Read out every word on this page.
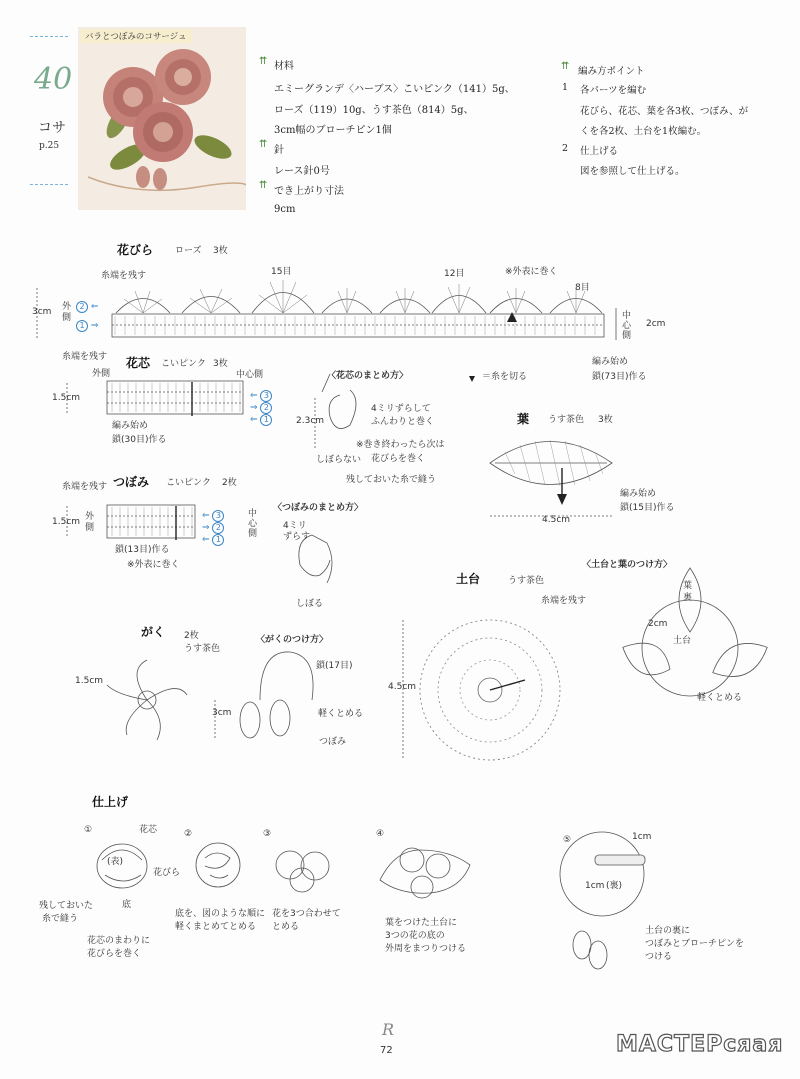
40
コサ
p.25
バラとつぼみのコサージュ
⇈ 材料
エミーグランデ〈ハーブス〉こいピンク（141）5g、
ローズ（119）10g、うす茶色（814）5g、
3cm幅のブローチピン1個
⇈
針
レース針0号
⇈
でき上がり寸法
9cm
⇈ 編み方ポイント
1 各パーツを編む
花びら、花芯、葉を各3枚、つぼみ、が
くを各2枚、土台を1枚編む。
2 仕上げる
図を参照して仕上げる。
花びら ローズ 3枚
糸端を残す	15目	12目
8目
※外表に巻く
3cm 外側
2 ⇐
1 ⇒
中心側
2cm
編み始め
鎖(73目)作る
＝糸を切る
糸端を残す 花芯 こいピンク 3枚
外側	中心側
1.5cm	⇐ 3
⇒ 2
⇐ 1
編み始め
鎖(30目)作る
〈花芯のまとめ方〉
4ミリずらして
ふんわりと巻く
2.3cm
※巻き終わったら次は
花びらを巻く
しぼらない
残しておいた糸で縫う
葉 うす茶色 3枚
編み始め
鎖(15目)作る
4.5cm
糸端を残す つぼみ こいピンク 2枚
1.5cm 外側
⇐ 3
⇒ 2
⇐ 1
中心側
鎖(13目)作る
※外表に巻く
〈つぼみのまとめ方〉
4ミリずらす
しぼる
土台	うす茶色
糸端を残す
4.5cm
〈土台と葉のつけ方〉
葉
裏
2cm
土台
軽くとめる
がく 2枚
うす茶色
1.5cm
〈がくのつけ方〉
鎖(17目)
軽くとめる
3cm
つぼみ
仕上げ
①	花芯
花びら
(表)
底
残しておいた
糸で縫う
花芯のまわりに
花びらを巻く
②
底を、図のような順に
軽くまとめてとめる
③
花を3つ合わせて
とめる
④
葉をつけた土台に
3つの花の底の
外周をまつりつける
⑤	1cm
1cm (裏)
土台の裏に
つぼみとブローチピンを
つける
R
72	МАСТЕРсяая
